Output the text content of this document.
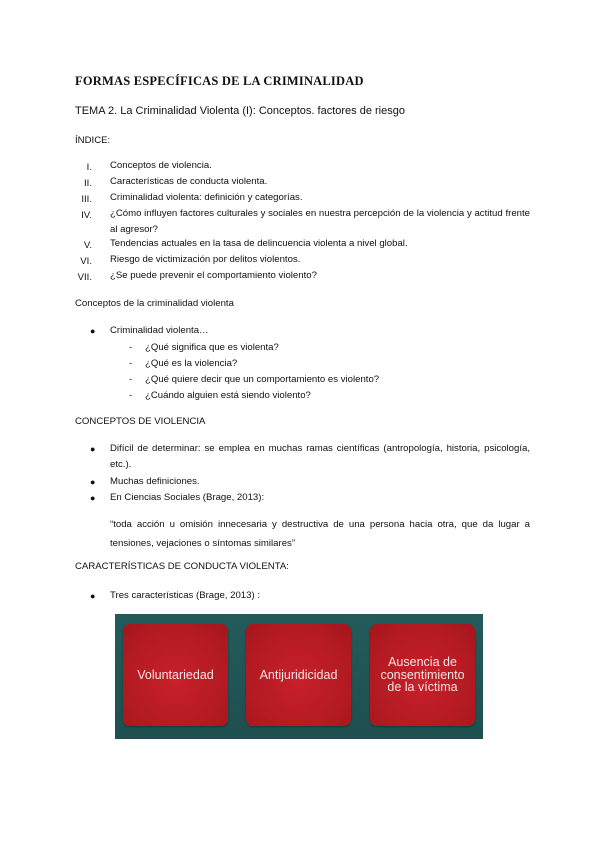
FORMAS ESPECÍFICAS DE LA CRIMINALIDAD
TEMA 2. La Criminalidad Violenta (I): Conceptos. factores de riesgo
ÍNDICE:
I. Conceptos de violencia.
II. Características de conducta violenta.
III. Criminalidad violenta: definición y categorías.
IV. ¿Cómo influyen factores culturales y sociales en nuestra percepción de la violencia y actitud frente al agresor?
V. Tendencias actuales en la tasa de delincuencia violenta a nivel global.
VI. Riesgo de victimización por delitos violentos.
VII. ¿Se puede prevenir el comportamiento violento?
Conceptos de la criminalidad violenta
● Criminalidad violenta…
- ¿Qué significa que es violenta?
- ¿Qué es la violencia?
- ¿Qué quiere decir que un comportamiento es violento?
- ¿Cuándo alguien está siendo violento?
CONCEPTOS DE VIOLENCIA
● Difícil de determinar: se emplea en muchas ramas científicas (antropología, historia, psicología, etc.).
● Muchas definiciones.
● En Ciencias Sociales (Brage, 2013):
“toda acción u omisión innecesaria y destructiva de una persona hacia otra, que da lugar a tensiones, vejaciones o síntomas similares”
CARACTERÍSTICAS DE CONDUCTA VIOLENTA:
● Tres características (Brage, 2013) :
Voluntariedad	Antijuridicidad
Ausencia de consentimiento de la víctima
